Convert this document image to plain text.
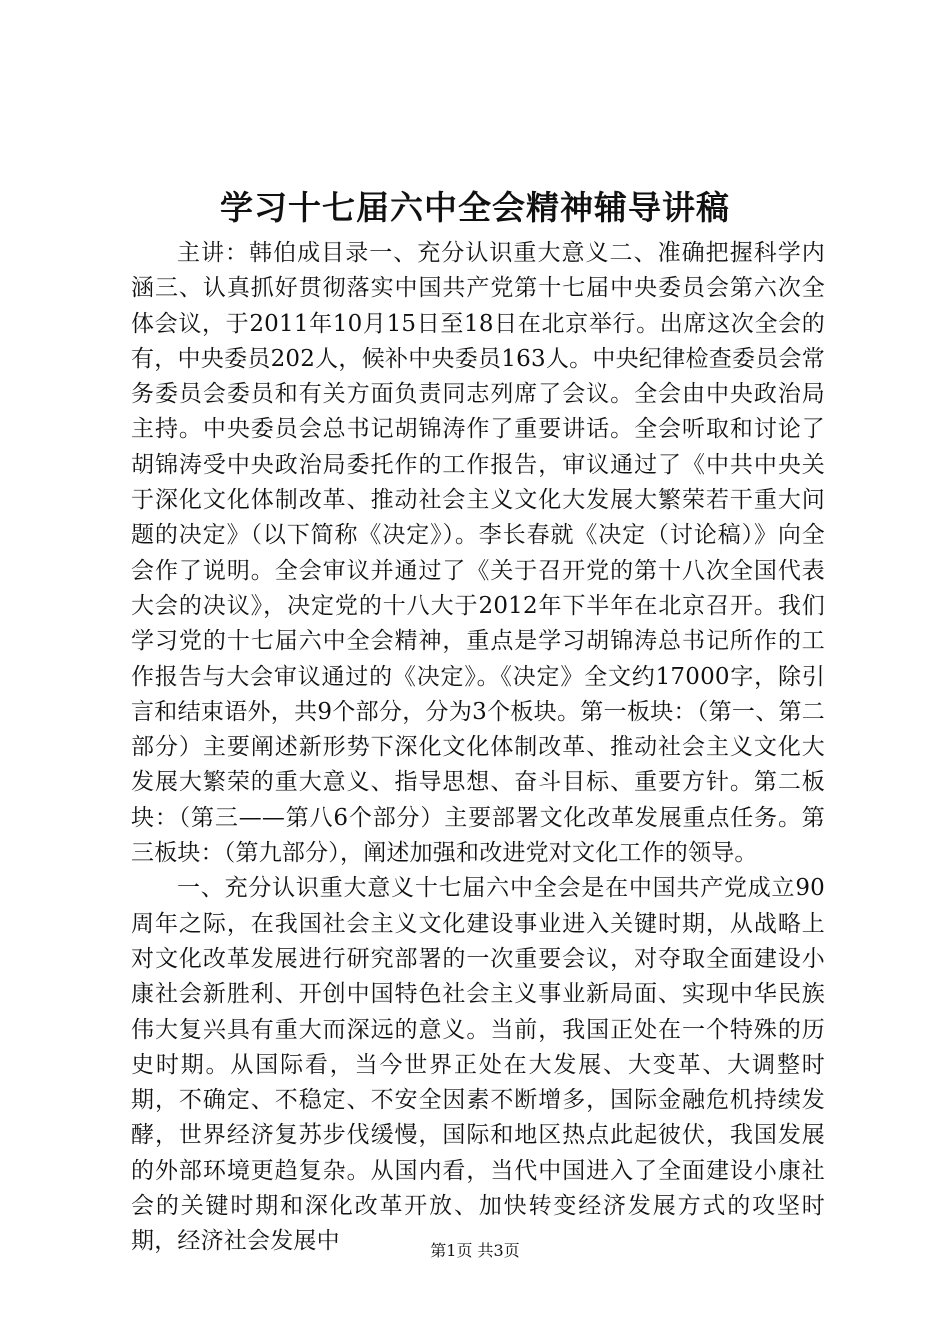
学习十七届六中全会精神辅导讲稿

主讲：韩伯成目录一、充分认识重大意义二、准确把握科学内涵三、认真抓好贯彻落实中国共产党第十七届中央委员会第六次全体会议，于2011年10月15日至18日在北京举行。出席这次全会的有，中央委员202人，候补中央委员163人。中央纪律检查委员会常务委员会委员和有关方面负责同志列席了会议。全会由中央政治局主持。中央委员会总书记胡锦涛作了重要讲话。全会听取和讨论了胡锦涛受中央政治局委托作的工作报告，审议通过了《中共中央关于深化文化体制改革、推动社会主义文化大发展大繁荣若干重大问题的决定》（以下简称《决定》）。李长春就《决定（讨论稿）》向全会作了说明。全会审议并通过了《关于召开党的第十八次全国代表大会的决议》，决定党的十八大于2012年下半年在北京召开。我们学习党的十七届六中全会精神，重点是学习胡锦涛总书记所作的工作报告与大会审议通过的《决定》。《决定》全文约17000字，除引言和结束语外，共9个部分，分为3个板块。第一板块：（第一、第二部分）主要阐述新形势下深化文化体制改革、推动社会主义文化大发展大繁荣的重大意义、指导思想、奋斗目标、重要方针。第二板块：（第三——第八6个部分）主要部署文化改革发展重点任务。第三板块：（第九部分），阐述加强和改进党对文化工作的领导。

一、充分认识重大意义十七届六中全会是在中国共产党成立90周年之际，在我国社会主义文化建设事业进入关键时期，从战略上对文化改革发展进行研究部署的一次重要会议，对夺取全面建设小康社会新胜利、开创中国特色社会主义事业新局面、实现中华民族伟大复兴具有重大而深远的意义。当前，我国正处在一个特殊的历史时期。从国际看，当今世界正处在大发展、大变革、大调整时期，不确定、不稳定、不安全因素不断增多，国际金融危机持续发酵，世界经济复苏步伐缓慢，国际和地区热点此起彼伏，我国发展的外部环境更趋复杂。从国内看，当代中国进入了全面建设小康社会的关键时期和深化改革开放、加快转变经济发展方式的攻坚时期，经济社会发展中	第1页 共3页
